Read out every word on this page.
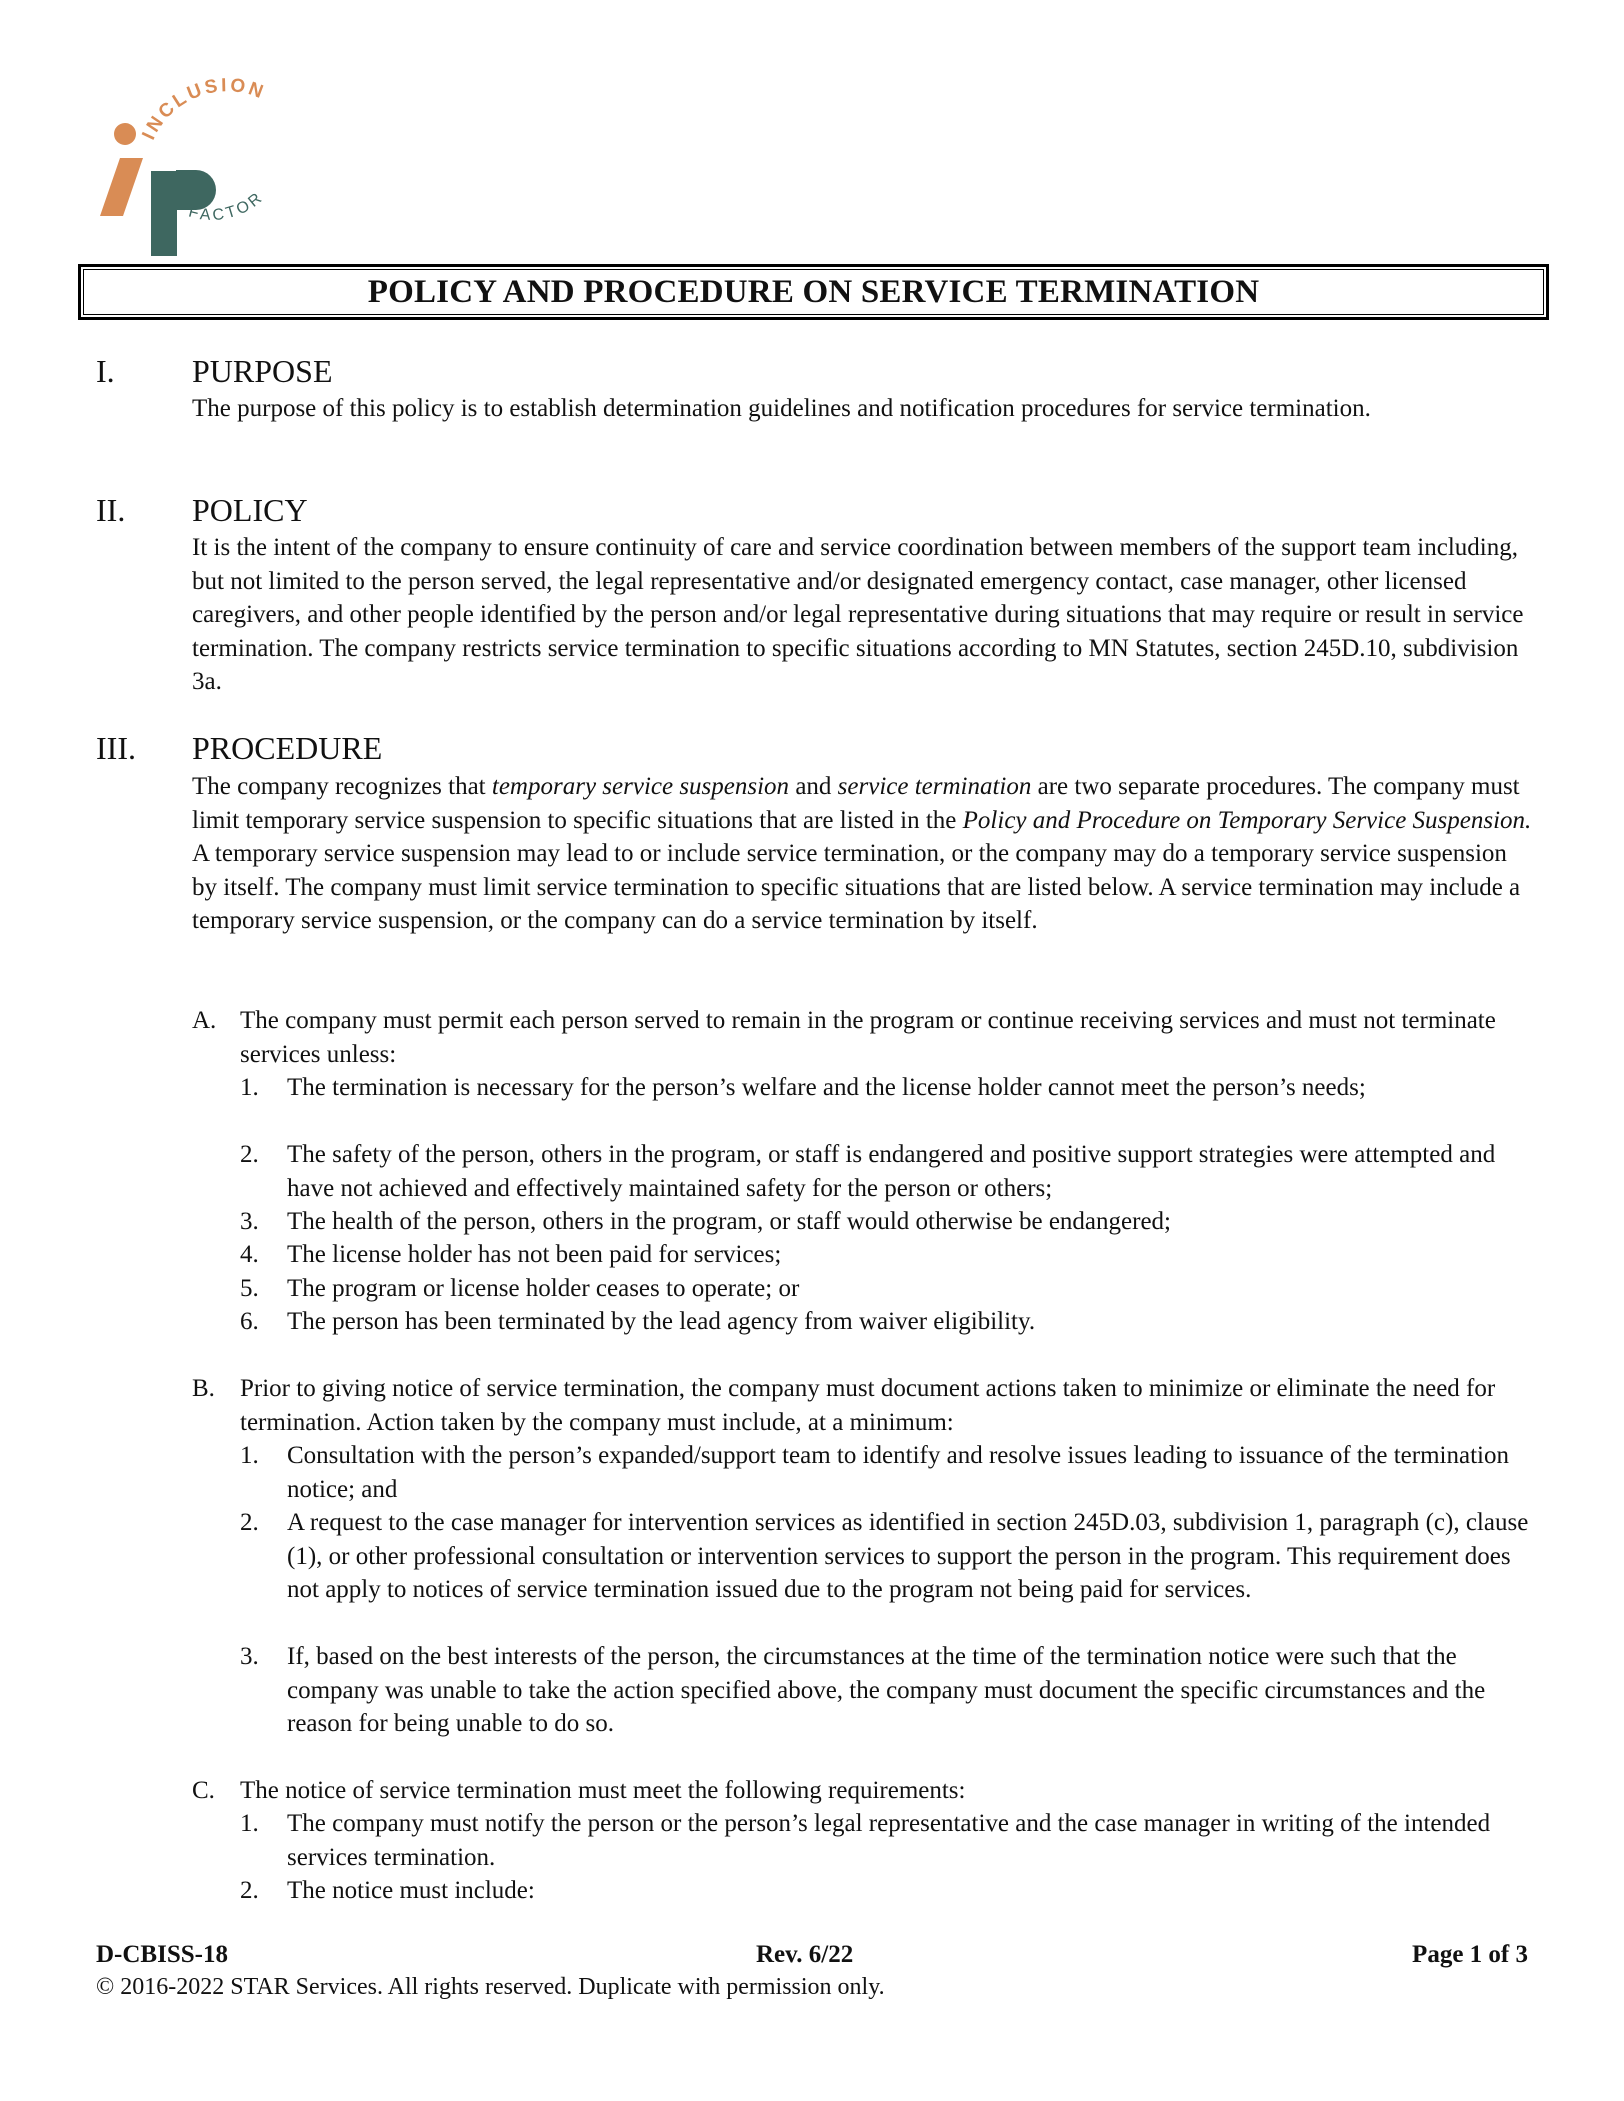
INCLUSION
FACTOR
POLICY AND PROCEDURE ON SERVICE TERMINATION
I. PURPOSE
The purpose of this policy is to establish determination guidelines and notification procedures for service termination.
II. POLICY
It is the intent of the company to ensure continuity of care and service coordination between members of the support team including, but not limited to the person served, the legal representative and/or designated emergency contact, case manager, other licensed caregivers, and other people identified by the person and/or legal representative during situations that may require or result in service termination. The company restricts service termination to specific situations according to MN Statutes, section 245D.10, subdivision 3a.
III. PROCEDURE
The company recognizes that temporary service suspension and service termination are two separate procedures. The company must limit temporary service suspension to specific situations that are listed in the Policy and Procedure on Temporary Service Suspension. A temporary service suspension may lead to or include service termination, or the company may do a temporary service suspension by itself. The company must limit service termination to specific situations that are listed below. A service termination may include a temporary service suspension, or the company can do a service termination by itself.
A. The company must permit each person served to remain in the program or continue receiving services and must not terminate services unless:
1. The termination is necessary for the person’s welfare and the license holder cannot meet the person’s needs;
2. The safety of the person, others in the program, or staff is endangered and positive support strategies were attempted and have not achieved and effectively maintained safety for the person or others;
3. The health of the person, others in the program, or staff would otherwise be endangered;
4. The license holder has not been paid for services;
5. The program or license holder ceases to operate; or
6. The person has been terminated by the lead agency from waiver eligibility.
B. Prior to giving notice of service termination, the company must document actions taken to minimize or eliminate the need for termination. Action taken by the company must include, at a minimum:
1. Consultation with the person’s expanded/support team to identify and resolve issues leading to issuance of the termination notice; and
2. A request to the case manager for intervention services as identified in section 245D.03, subdivision 1, paragraph (c), clause (1), or other professional consultation or intervention services to support the person in the program. This requirement does not apply to notices of service termination issued due to the program not being paid for services.
3. If, based on the best interests of the person, the circumstances at the time of the termination notice were such that the company was unable to take the action specified above, the company must document the specific circumstances and the reason for being unable to do so.
C. The notice of service termination must meet the following requirements:
1. The company must notify the person or the person’s legal representative and the case manager in writing of the intended services termination.
2. The notice must include:
D-CBISS-18	Rev. 6/22	Page 1 of 3
© 2016-2022 STAR Services. All rights reserved. Duplicate with permission only.
